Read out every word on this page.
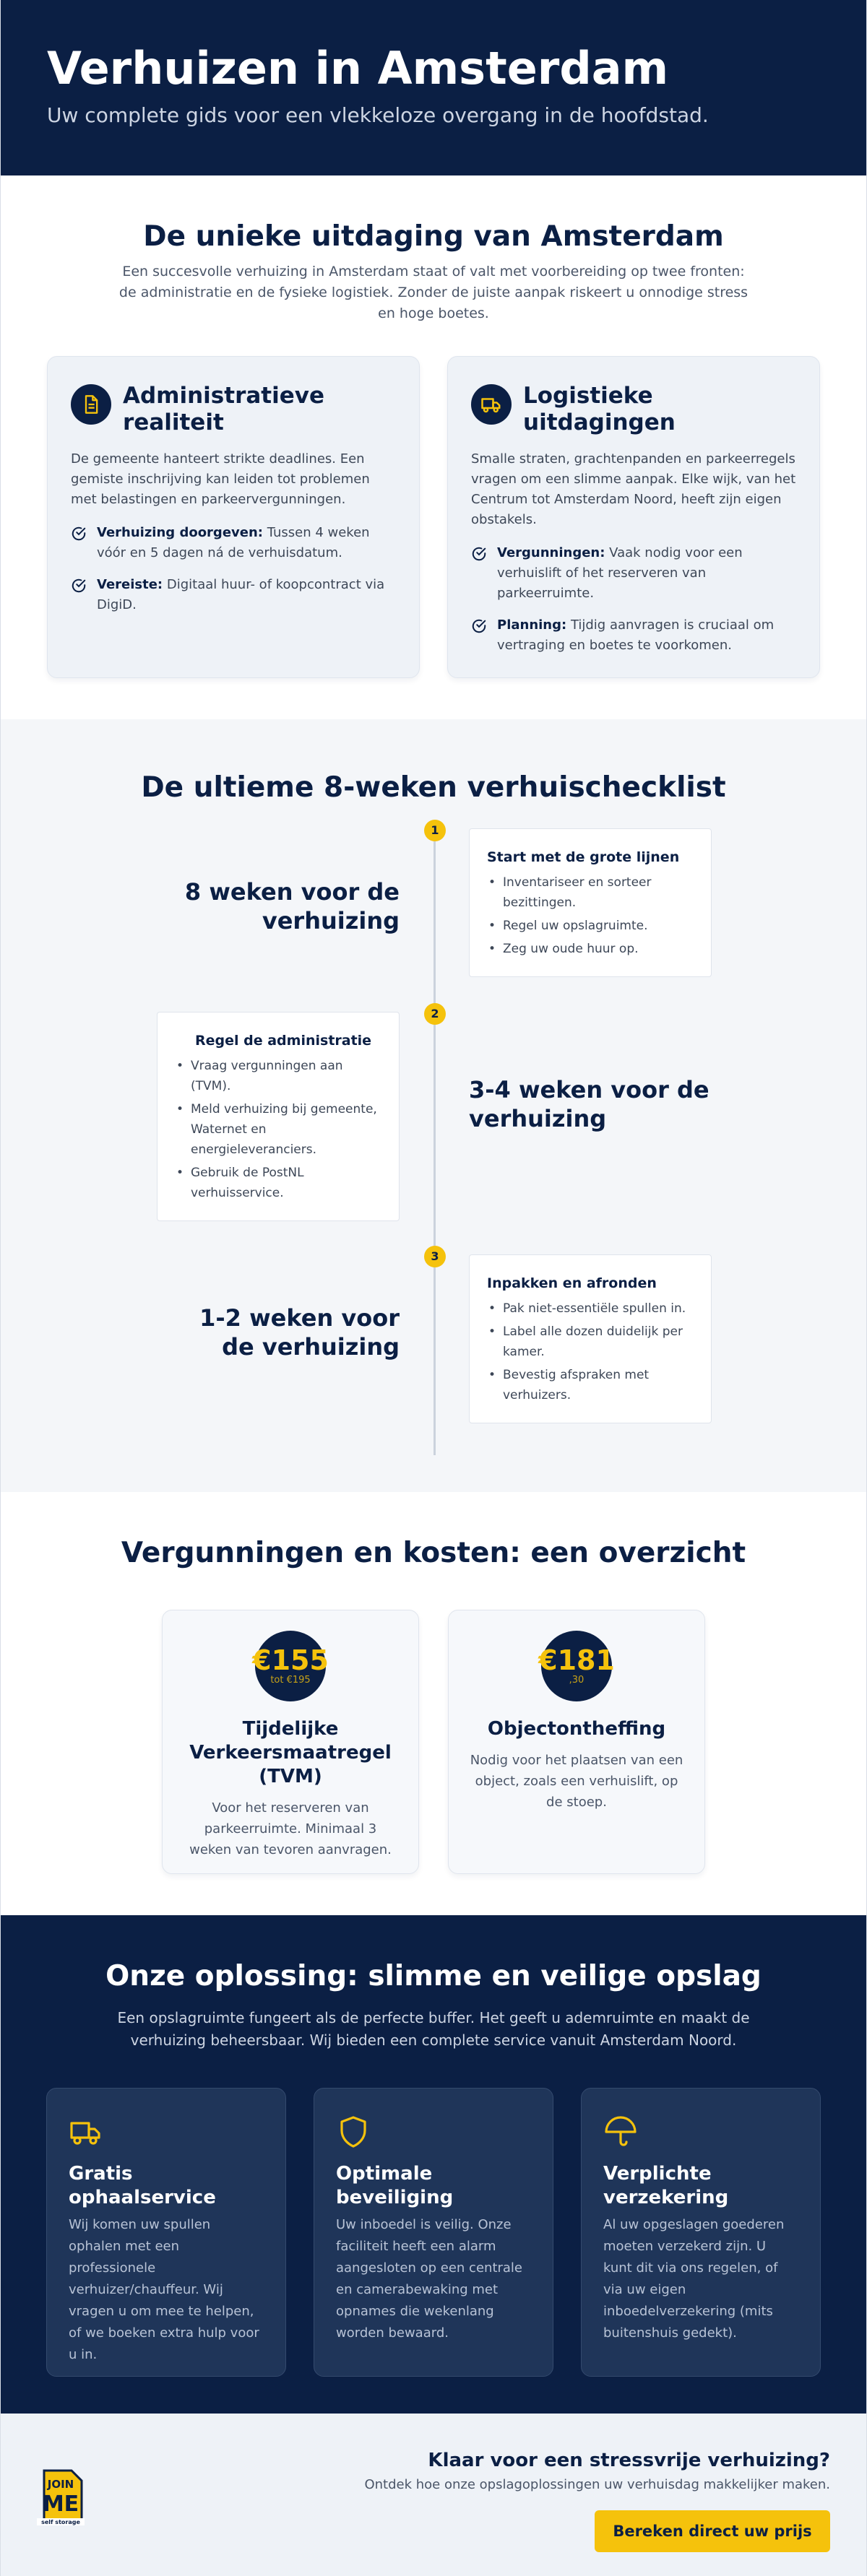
Verhuizen in Amsterdam

Uw complete gids voor een vlekkeloze overgang in de hoofdstad.

De unieke uitdaging van Amsterdam

Een succesvolle verhuizing in Amsterdam staat of valt met voorbereiding op twee fronten: de administratie en de fysieke logistiek. Zonder de juiste aanpak riskeert u onnodige stress en hoge boetes.

Administratieve realiteit

De gemeente hanteert strikte deadlines. Een gemiste inschrijving kan leiden tot problemen met belastingen en parkeervergunningen.

Verhuizing doorgeven: Tussen 4 weken vóór en 5 dagen ná de verhuisdatum.
Vereiste: Digitaal huur- of koopcontract via DigiD.
Logistieke uitdagingen

Smalle straten, grachtenpanden en parkeerregels vragen om een slimme aanpak. Elke wijk, van het Centrum tot Amsterdam Noord, heeft zijn eigen obstakels.

Vergunningen: Vaak nodig voor een verhuislift of het reserveren van parkeerruimte.
Planning: Tijdig aanvragen is cruciaal om vertraging en boetes te voorkomen.
De ultieme 8-weken verhuischecklist
1
8 weken voor de verhuizing
Start met de grote lijnen
• Inventariseer en sorteer bezittingen.
• Regel uw opslagruimte.
• Zeg uw oude huur op.
2
Regel de administratie
• Vraag vergunningen aan (TVM).
• Meld verhuizing bij gemeente, Waternet en energieleveranciers.
• Gebruik de PostNL verhuisservice.
3-4 weken voor de verhuizing
3
1-2 weken voor de verhuizing
Inpakken en afronden
• Pak niet-essentiële spullen in.
• Label alle dozen duidelijk per kamer.
• Bevestig afspraken met verhuizers.
Vergunningen en kosten: een overzicht
€155
tot €195
Tijdelijke Verkeersmaatregel (TVM)

Voor het reserveren van parkeerruimte. Minimaal 3 weken van tevoren aanvragen.

€181
,30
Objectontheffing

Nodig voor het plaatsen van een object, zoals een verhuislift, op de stoep.

Onze oplossing: slimme en veilige opslag

Een opslagruimte fungeert als de perfecte buffer. Het geeft u ademruimte en maakt de verhuizing beheersbaar. Wij bieden een complete service vanuit Amsterdam Noord.

Gratis ophaalservice

Wij komen uw spullen ophalen met een professionele verhuizer/chauffeur. Wij vragen u om mee te helpen, of we boeken extra hulp voor u in.

Optimale beveiliging

Uw inboedel is veilig. Onze faciliteit heeft een alarm aangesloten op een centrale en camerabewaking met opnames die wekenlang worden bewaard.

Verplichte verzekering

Al uw opgeslagen goederen moeten verzekerd zijn. U kunt dit via ons regelen, of via uw eigen inboedelverzekering (mits buitenshuis gedekt).

JOIN
ME
self storage
Klaar voor een stressvrije verhuizing?

Ontdek hoe onze opslagoplossingen uw verhuisdag makkelijker maken.

Bereken direct uw prijs
